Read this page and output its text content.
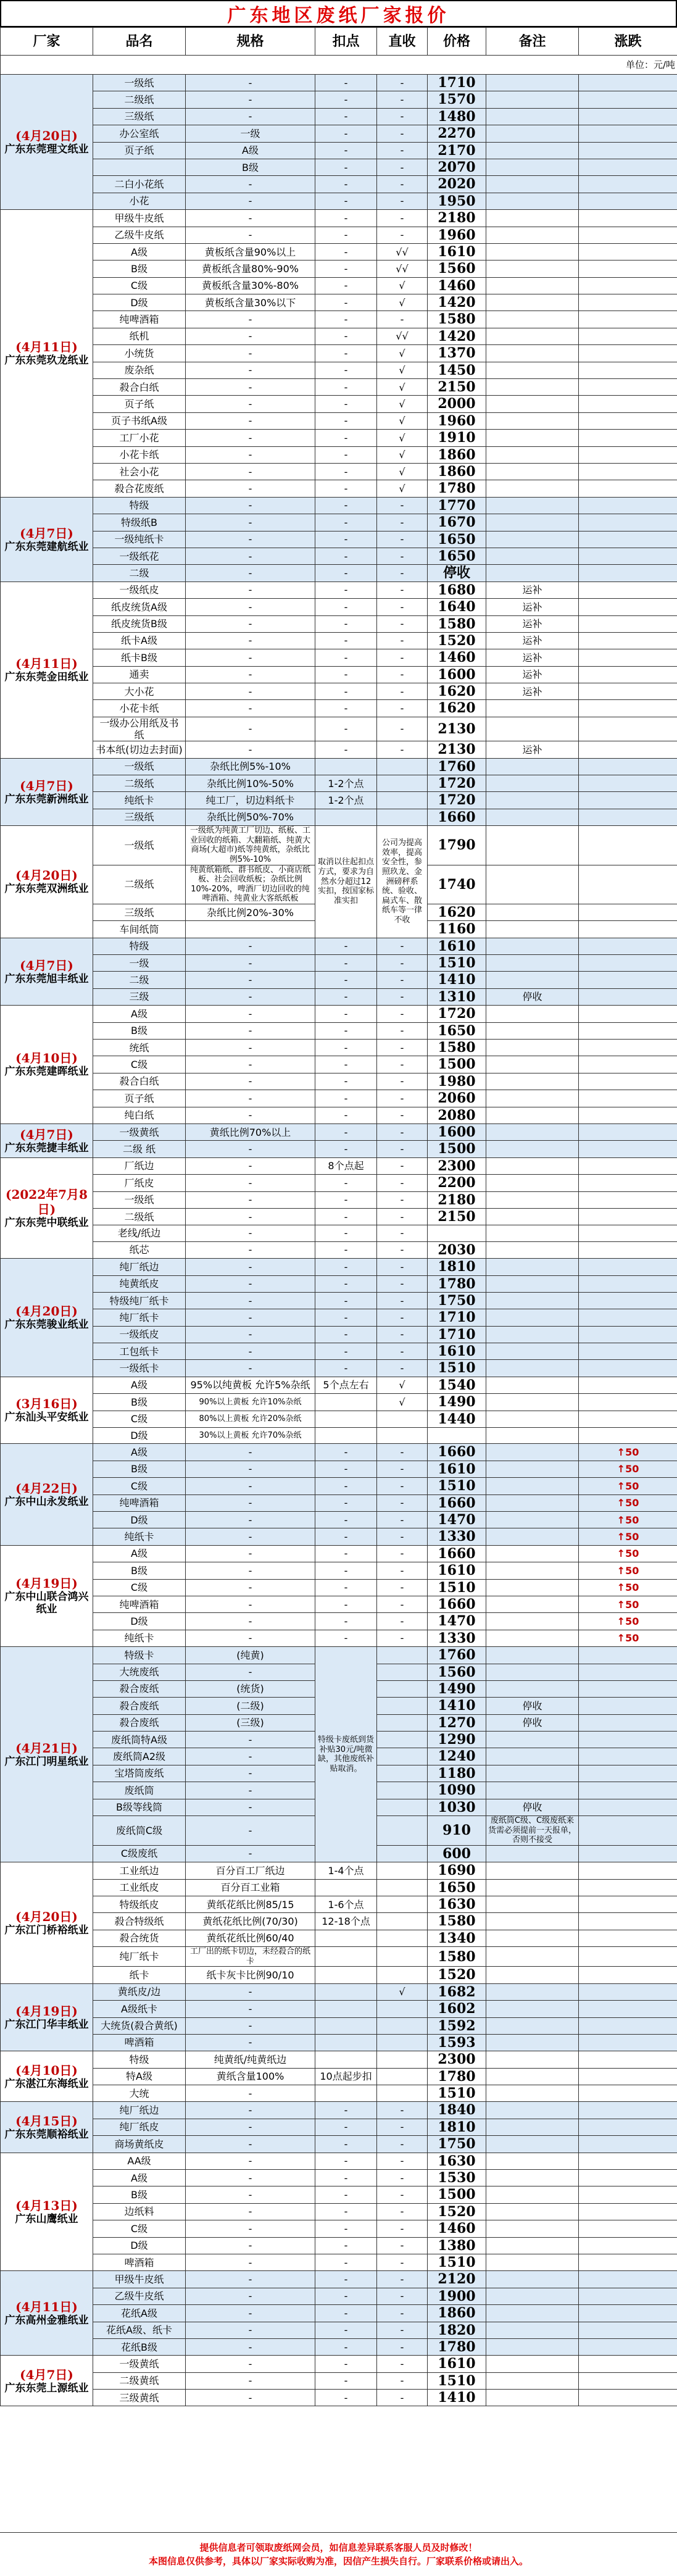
广东地区废纸厂家报价
厂家	品名	规格	扣点	直收	价格	备注	涨跌
单位：元/吨							

(4月20日)
广东东莞理文纸业	一级纸	-	-	-	1710		
	二级纸	-	-	-	1570		
	三级纸	-	-	-	1480		
	办公室纸	一级	-	-	2270		
	页子纸	A级	-	-	2170		
		B级	-	-	2070		
	二白小花纸	-	-	-	2020		
	小花	-	-	-	1950		

(4月11日)
广东东莞玖龙纸业	甲级牛皮纸	-	-	-	2180		
	乙级牛皮纸	-	-	-	1960		
	A级	黄板纸含量90%以上	-	√√	1610		
	B级	黄板纸含量80%-90%	-	√√	1560		
	C级	黄板纸含量30%-80%	-	√	1460		
	D级	黄板纸含量30%以下	-	√	1420		
	纯啤酒箱	-	-	-	1580		
	纸机	-	-	√√	1420		
	小统货	-	-	√	1370		
	废杂纸	-	-	√	1450		
	殺合白纸	-	-	√	2150		
	页子纸	-	-	√	2000		
	页子书纸A级	-	-	√	1960		
	工厂小花	-	-	√	1910		
	小花卡纸	-	-	√	1860		
	社会小花	-	-	√	1860		
	殺合花废纸	-	-	√	1780		

(4月7日)
广东东莞建航纸业	特级	-	-	-	1770		
	特级纸B	-	-	-	1670		
	一级纯纸卡	-	-	-	1650		
	一级纸花	-	-	-	1650		
	二级	-	-	-	停收		

(4月11日)
广东东莞金田纸业	一级纸皮	-	-	-	1680	运补	
	纸皮统货A级	-	-	-	1640	运补	
	纸皮统货B级	-	-	-	1580	运补	
	纸卡A级	-	-	-	1520	运补	
	纸卡B级	-	-	-	1460	运补	
	通卖	-	-	-	1600	运补	
	大小花	-	-	-	1620	运补	
	小花卡纸	-	-	-	1620		
	一级办公用纸及书纸	-	-	-	2130		
	书本纸(切边去封面)	-	-	-	2130	运补	

(4月7日)
广东东莞新洲纸业	一级纸	杂纸比例5%-10%			1760		
	二级纸	杂纸比例10%-50%	1-2个点		1720		
	纯纸卡	纯工厂，切边料纸卡	1-2个点		1720		
	三级纸	杂纸比例50%-70%			1660		

(4月20日)
广东东莞双洲纸业	一级纸	一级纸为纯黄工厂切边、纸板、工业回收的纸箱、大翻箱纸、纯黄大商场(大超市)纸等纯黄纸，杂纸比例5%-10%	取消以往起扣点方式，要求为自然水分超过12实扣，按国家标准实扣	公司为提高效率，提高安全性，参照玖龙、金洲磅秤系统、验收、扁式车、散纸车等一律不收	1790		
	二级纸	纯黄纸箱纸、群书纸皮、小商店纸板、社会回收纸板；杂纸比例10%-20%，啤酒厂切边回收的纯啤酒箱、纯黄业大客纸纸板			1740		
	三级纸	杂纸比例20%-30%			1620		
	车间纸筒				1160		

(4月7日)
广东东莞旭丰纸业	特级	-	-	-	1610		
	一级	-	-	-	1510		
	二级	-	-	-	1410		
	三级	-	-	-	1310	停收	

(4月10日)
广东东莞建晖纸业	A级	-	-	-	1720		
	B级	-	-	-	1650		
	统纸	-	-	-	1580		
	C级	-	-	-	1500		
	殺合白纸	-	-	-	1980		
	页子纸	-	-	-	2060		
	纯白纸	-	-	-	2080		

(4月7日)
广东东莞捷丰纸业	一级黄纸	黄纸比例70%以上	-	-	1600		
	二级 纸	-	-	-	1500		

(2022年7月8日)
广东东莞中联纸业	厂纸边	-	8个点起	-	2300		
	厂纸皮	-	-	-	2200		
	一级纸	-	-	-	2180		
	二级纸	-	-	-	2150		
	老线/纸边	-	-	-			
	纸芯	-	-	-	2030		

(4月20日)
广东东莞骏业纸业	纯厂纸边	-	-	-	1810		
	纯黄纸皮	-	-	-	1780		
	特级纯厂纸卡	-	-	-	1750		
	纯厂纸卡	-	-	-	1710		
	一级纸皮	-	-	-	1710		
	工包纸卡	-	-	-	1610		
	一级纸卡	-	-	-	1510		

(3月16日)
广东汕头平安纸业	A级	95%以纯黄板 允许5%杂纸	5个点左右	√	1540		
	B级	90%以上黄板 允许10%杂纸		√	1490		
	C级	80%以上黄板 允许20%杂纸			1440		
	D级	30%以上黄板 允许70%杂纸					

(4月22日)
广东中山永发纸业	A级	-	-	-	1660		↑50
	B级	-	-	-	1610		↑50
	C级	-	-	-	1510		↑50
	纯啤酒箱	-	-	-	1660		↑50
	D级	-	-	-	1470		↑50
	纯纸卡	-	-	-	1330		↑50

(4月19日)
广东中山联合鸿兴纸业	A级	-	-	-	1660		↑50
	B级	-	-	-	1610		↑50
	C级	-	-	-	1510		↑50
	纯啤酒箱	-	-	-	1660		↑50
	D级	-	-	-	1470		↑50
	纯纸卡	-	-	-	1330		↑50

(4月21日)
广东江门明星纸业	特级卡	(纯黄)	特级卡废纸到货补贴30元/吨微缺，其他废纸补贴取消。		1760		
	大统废纸	-			1560		
	殺合废纸	(统货)			1490		
	殺合废纸	(二级)			1410	停收	
	殺合废纸	(三级)			1270	停收	
	废纸筒特A级	-			1290		
	废纸筒A2级	-			1240		
	宝塔筒废纸	-			1180		
	废纸筒	-			1090		
	B级等线筒	-			1030	停收	
	废纸筒C级	-			910	废纸筒C级、C级废纸来货需必须提前一天报单，否则不接受	
	C级废纸	-			600		

(4月20日)
广东江门桥裕纸业	工业纸边	百分百工厂纸边	1-4个点		1690		
	工业纸皮	百分百工业箱			1650		
	特级纸皮	黄纸花纸比例85/15	1-6个点		1630		
	殺合特级纸	黄纸花纸比例(70/30)	12-18个点		1580		
	殺合统货	黄纸花纸比例60/40			1340		
	纯厂纸卡	工厂出的纸卡切边，未经殺合的纸卡			1580		
	纸卡	纸卡灰卡比例90/10			1520		

(4月19日)
广东江门华丰纸业	黄纸皮/边	-		√	1682		
	A级纸卡	-			1602		
	大统货(殺合黄纸)	-			1592		
	啤酒箱	-			1593		

(4月10日)
广东湛江东海纸业	特级	纯黄纸/纯黄纸边			2300		
	特A级	黄纸含量100%	10点起步扣		1780		
	大统	-			1510		

(4月15日)
广东东莞顺裕纸业	纯厂纸边	-	-	-	1840		
	纯厂纸皮	-	-	-	1810		
	商场黄纸皮	-	-	-	1750		

(4月13日)
广东山鹰纸业	AA级	-	-	-	1630		
	A级	-	-	-	1530		
	B级	-	-	-	1500		
	边纸料	-	-	-	1520		
	C级	-	-	-	1460		
	D级	-	-	-	1380		
	啤酒箱	-	-	-	1510		

(4月11日)
广东高州金雅纸业	甲级牛皮纸	-	-	-	2120		
	乙级牛皮纸	-	-	-	1900		
	花纸A级	-	-	-	1860		
	花纸A级、纸卡	-	-	-	1820		
	花纸B级	-	-	-	1780		

(4月7日)
广东东莞上源纸业	一级黄纸	-	-	-	1610		
	二级黄纸	-	-	-	1510		
	三级黄纸	-	-	-	1410		
提供信息者可领取废纸网会员，如信息差异联系客服人员及时修改！
本图信息仅供参考，具体以厂家实际收购为准，因信产生损失自行。厂家联系价格或请出入。
